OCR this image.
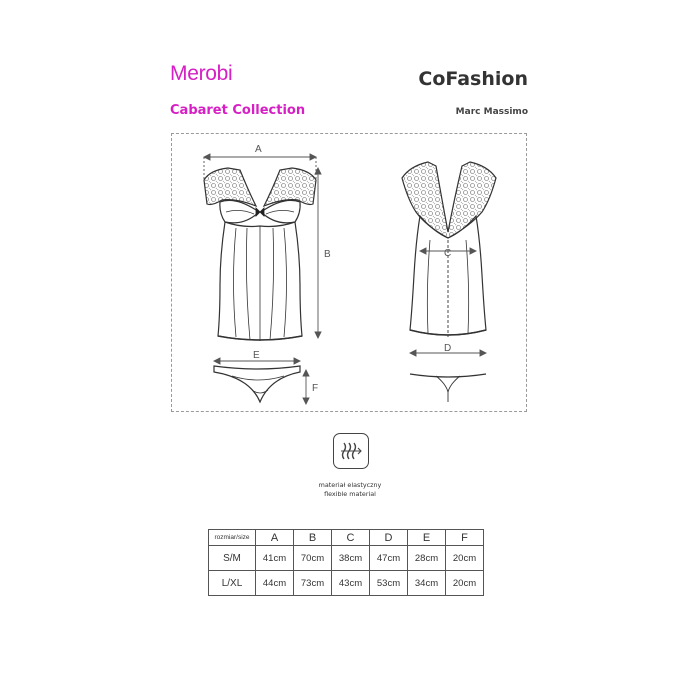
Merobi
Cabaret Collection
CoFashion
Marc Massimo
A
B	C
D
E
F
materiał elastyczny
flexible material
rozmiar/size	A	B	C	D	E	F
S/M	41cm	70cm	38cm	47cm	28cm	20cm
L/XL	44cm	73cm	43cm	53cm	34cm	20cm
